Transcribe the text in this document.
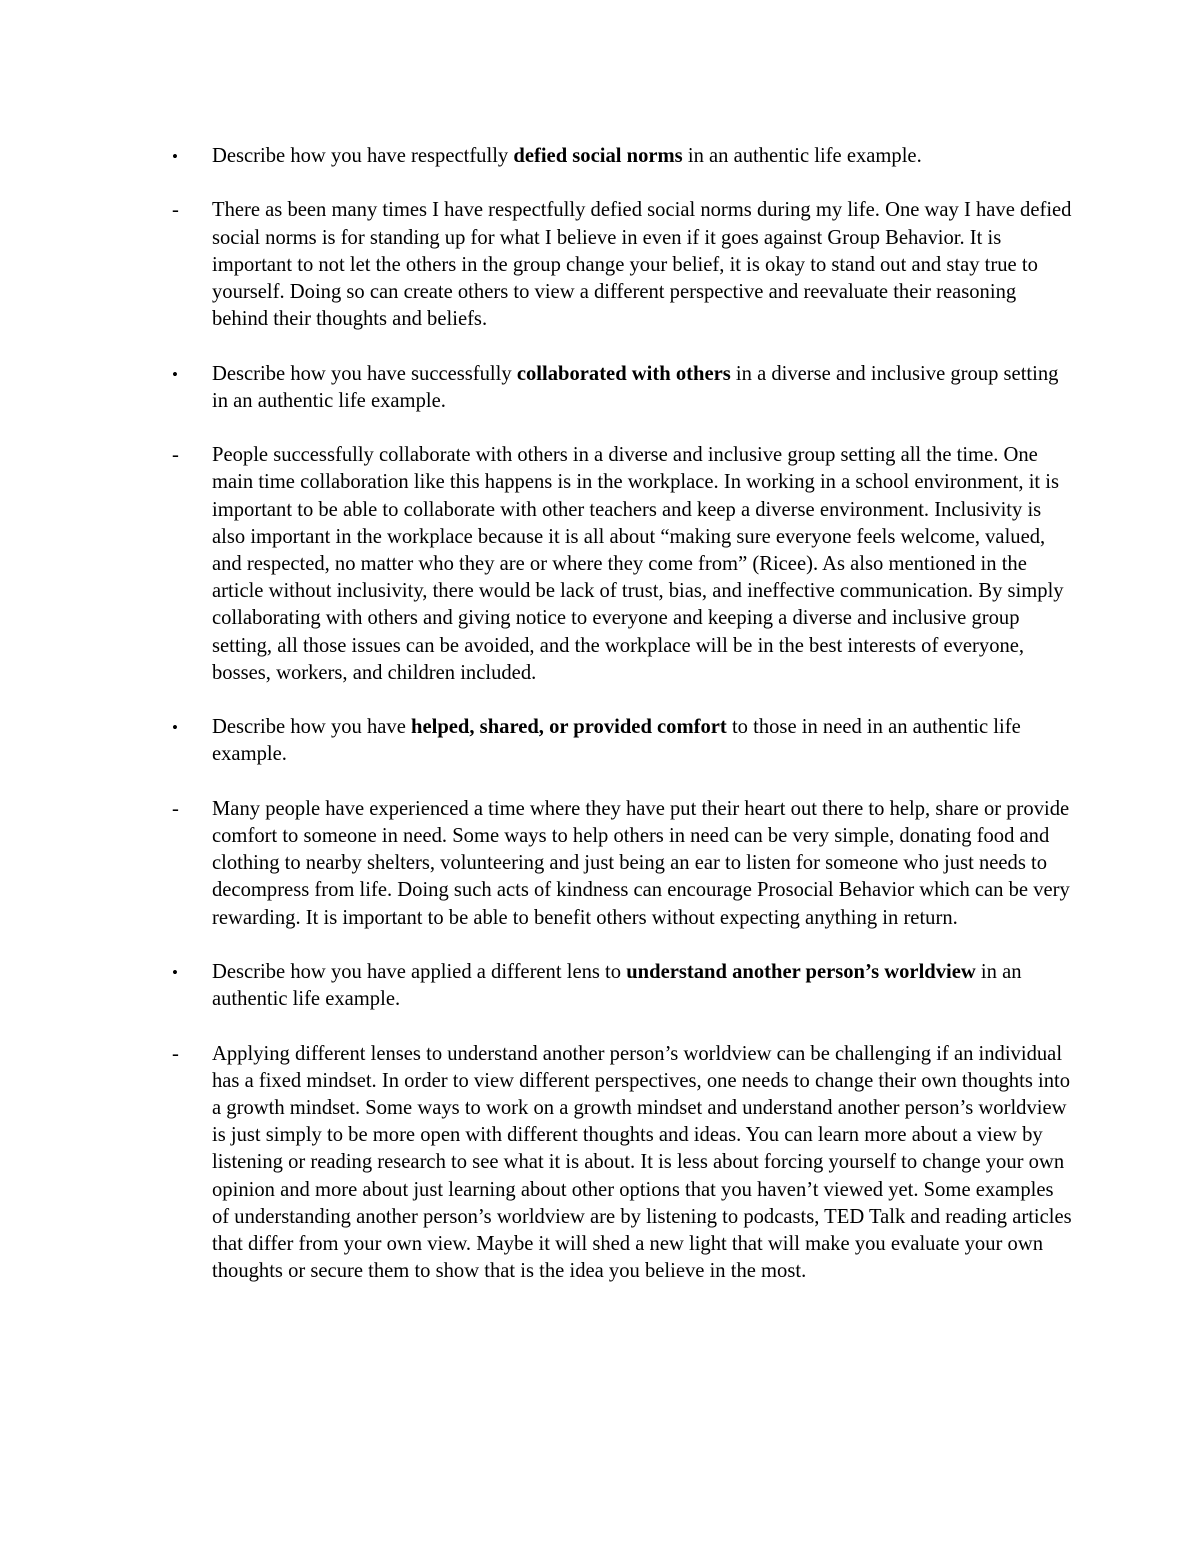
•	Describe how you have respectfully defied social norms in an authentic life example.
-	There as been many times I have respectfully defied social norms during my life. One way I have defied social norms is for standing up for what I believe in even if it goes against Group Behavior. It is important to not let the others in the group change your belief, it is okay to stand out and stay true to yourself. Doing so can create others to view a different perspective and reevaluate their reasoning behind their thoughts and beliefs.
•	Describe how you have successfully collaborated with others in a diverse and inclusive group setting in an authentic life example.
-	People successfully collaborate with others in a diverse and inclusive group setting all the time. One main time collaboration like this happens is in the workplace. In working in a school environment, it is important to be able to collaborate with other teachers and keep a diverse environment. Inclusivity is also important in the workplace because it is all about “making sure everyone feels welcome, valued, and respected, no matter who they are or where they come from” (Ricee). As also mentioned in the article without inclusivity, there would be lack of trust, bias, and ineffective communication. By simply collaborating with others and giving notice to everyone and keeping a diverse and inclusive group setting, all those issues can be avoided, and the workplace will be in the best interests of everyone, bosses, workers, and children included.
•	Describe how you have helped, shared, or provided comfort to those in need in an authentic life example.
-	Many people have experienced a time where they have put their heart out there to help, share or provide comfort to someone in need. Some ways to help others in need can be very simple, donating food and clothing to nearby shelters, volunteering and just being an ear to listen for someone who just needs to decompress from life. Doing such acts of kindness can encourage Prosocial Behavior which can be very rewarding. It is important to be able to benefit others without expecting anything in return.
•	Describe how you have applied a different lens to understand another person’s worldview in an authentic life example.
-	Applying different lenses to understand another person’s worldview can be challenging if an individual has a fixed mindset. In order to view different perspectives, one needs to change their own thoughts into a growth mindset. Some ways to work on a growth mindset and understand another person’s worldview is just simply to be more open with different thoughts and ideas. You can learn more about a view by listening or reading research to see what it is about. It is less about forcing yourself to change your own opinion and more about just learning about other options that you haven’t viewed yet. Some examples of understanding another person’s worldview are by listening to podcasts, TED Talk and reading articles that differ from your own view. Maybe it will shed a new light that will make you evaluate your own thoughts or secure them to show that is the idea you believe in the most.
